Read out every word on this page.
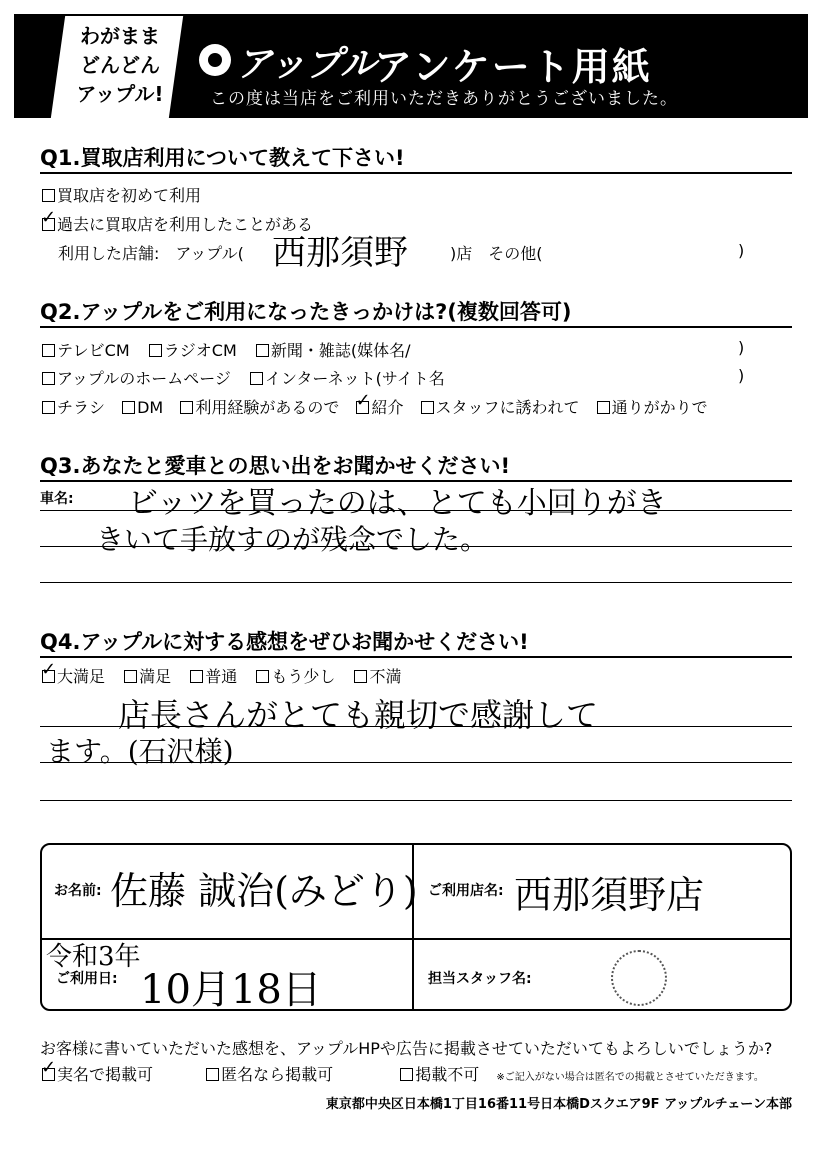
わがまま
どんどん
アップル!
アップル
アンケート用紙
この度は当店をご利用いただきありがとうございました。
Q1.買取店利用について教えて下さい!
買取店を初めて利用
✓過去に買取店を利用したことがある
利用した店舗:　アップル( 西那須野	)店　その他(	)
Q2.アップルをご利用になったきっかけは?(複数回答可)
テレビCM ラジオCM 新聞・雑誌(媒体名/	)
アップルのホームページ インターネット(サイト名	)
チラシ DM 利用経験があるので ✓ 紹介 スタッフに誘われて 通りがかりで
Q3.あなたと愛車との思い出をお聞かせください!
車名: ビッツを買ったのは、とても小回りがき
きいて手放すのが残念でした。
Q4.アップルに対する感想をぜひお聞かせください!
✓大満足 満足 普通 もう少し 不満
店長さんがとても親切で感謝して
ます。(石沢様)
お名前: 佐藤 誠治(みどり) ご利用店名: 西那須野店
令和3年
ご利用日: 10月18日	担当スタッフ名:
お客様に書いていただいた感想を、アップルHPや広告に掲載させていただいてもよろしいでしょうか?
✓実名で掲載可	匿名なら掲載可	掲載不可 ※ご記入がない場合は匿名での掲載とさせていただきます。
東京都中央区日本橋1丁目16番11号日本橋Dスクエア9F アップルチェーン本部
